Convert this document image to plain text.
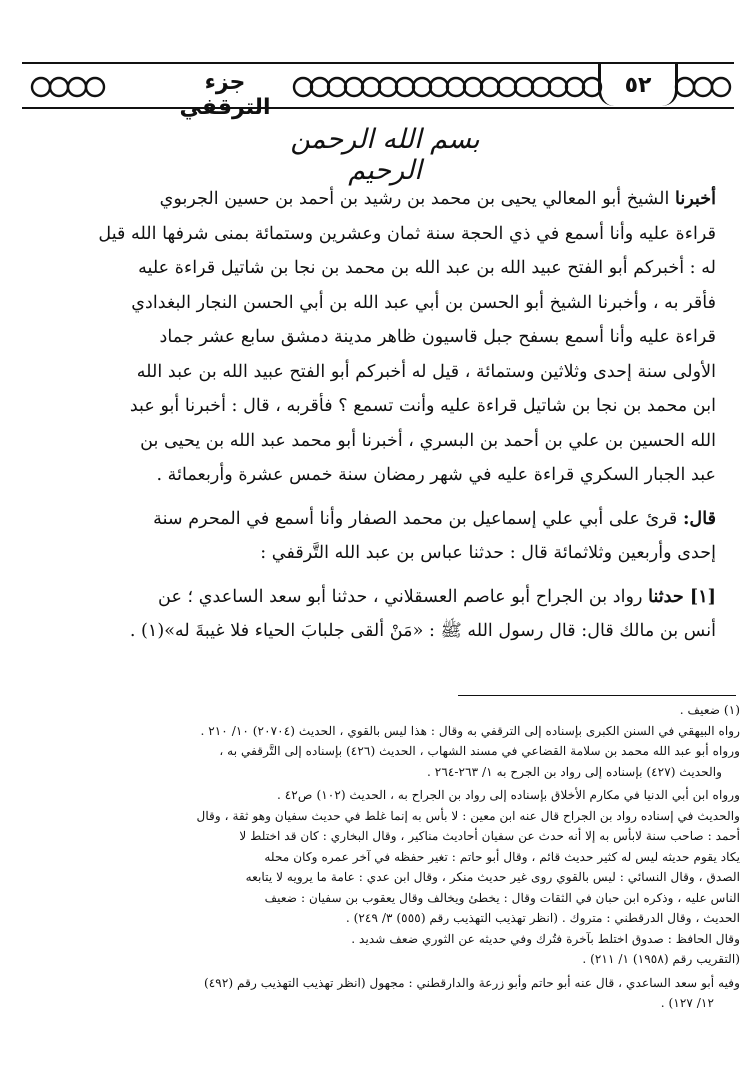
جزء الترقفي
٥٢
بسم الله الرحمن الرحيم

أخبرنا الشيخ أبو المعالي يحيى بن محمد بن رشيد بن أحمد بن حسين الجربوي

قراءة عليه وأنا أسمع في ذي الحجة سنة ثمان وعشرين وستمائة بمنى شرفها الله قيل

له : أخبركم أبو الفتح عبيد الله بن عبد الله بن محمد بن نجا بن شاتيل قراءة عليه

فأقر به ، وأخبرنا الشيخ أبو الحسن بن أبي عبد الله بن أبي الحسن النجار البغدادي

قراءة عليه وأنا أسمع بسفح جبل قاسيون ظاهر مدينة دمشق سابع عشر جماد

الأولى سنة إحدى وثلاثين وستمائة ، قيل له أخبركم أبو الفتح عبيد الله بن عبد الله

ابن محمد بن نجا بن شاتيل قراءة عليه وأنت تسمع ؟ فأقربه ، قال : أخبرنا أبو عبد

الله الحسين بن علي بن أحمد بن البسري ، أخبرنا أبو محمد عبد الله بن يحيى بن

عبد الجبار السكري قراءة عليه في شهر رمضان سنة خمس عشرة وأربعمائة .

قال: قرئ على أبي علي إسماعيل بن محمد الصفار وأنا أسمع في المحرم سنة

إحدى وأربعين وثلاثمائة قال : حدثنا عباس بن عبد الله التَّرقفي :

[١] حدثنا رواد بن الجراح أبو عاصم العسقلاني ، حدثنا أبو سعد الساعدي ؛ عن

أنس بن مالك قال: قال رسول الله ﷺ : «مَنْ ألقى جلبابَ الحياء فلا غيبةَ له»(١) .

(١) ضعيف .

رواه البيهقي في السنن الكبرى بإسناده إلى الترقفي به وقال : هذا ليس بالقوي ، الحديث (٢٠٧٠٤) ١٠/ ٢١٠ .

ورواه أبو عبد الله محمد بن سلامة القضاعي في مسند الشهاب ، الحديث (٤٢٦) بإسناده إلى التَّرقفي به ،

والحديث (٤٢٧) بإسناده إلى رواد بن الجرح به ١/ ٢٦٣-٢٦٤ .

ورواه ابن أبي الدنيا في مكارم الأخلاق بإسناده إلى رواد بن الجراح به ، الحديث (١٠٢) ص٤٢ .

والحديث في إسناده رواد بن الجراح قال عنه ابن معين : لا بأس به إنما غلط في حديث سفيان وهو ثقة ، وقال

أحمد : صاحب سنة لابأس به إلا أنه حدث عن سفيان أحاديث مناكير ، وقال البخاري : كان قد اختلط لا

يكاد يقوم حديثه ليس له كثير حديث قائم ، وقال أبو حاتم : تغير حفظه في آخر عمره وكان محله

الصدق ، وقال النسائي : ليس بالقوي روى غير حديث منكر ، وقال ابن عدي : عامة ما يرويه لا يتابعه

الناس عليه ، وذكره ابن حبان في الثقات وقال : يخطئ ويخالف وقال يعقوب بن سفيان : ضعيف

الحديث ، وقال الدرقطني : متروك . (انظر تهذيب التهذيب رقم (٥٥٥) ٣/ ٢٤٩) .

وقال الحافظ : صدوق اختلط بآخرة فتُرك وفي حديثه عن الثوري ضعف شديد .

(التقريب رقم (١٩٥٨) ١/ ٢١١) .

وفيه أبو سعد الساعدي ، قال عنه أبو حاتم وأبو زرعة والدارقطني : مجهول (انظر تهذيب التهذيب رقم (٤٩٢)

١٢/ ١٢٧) .
